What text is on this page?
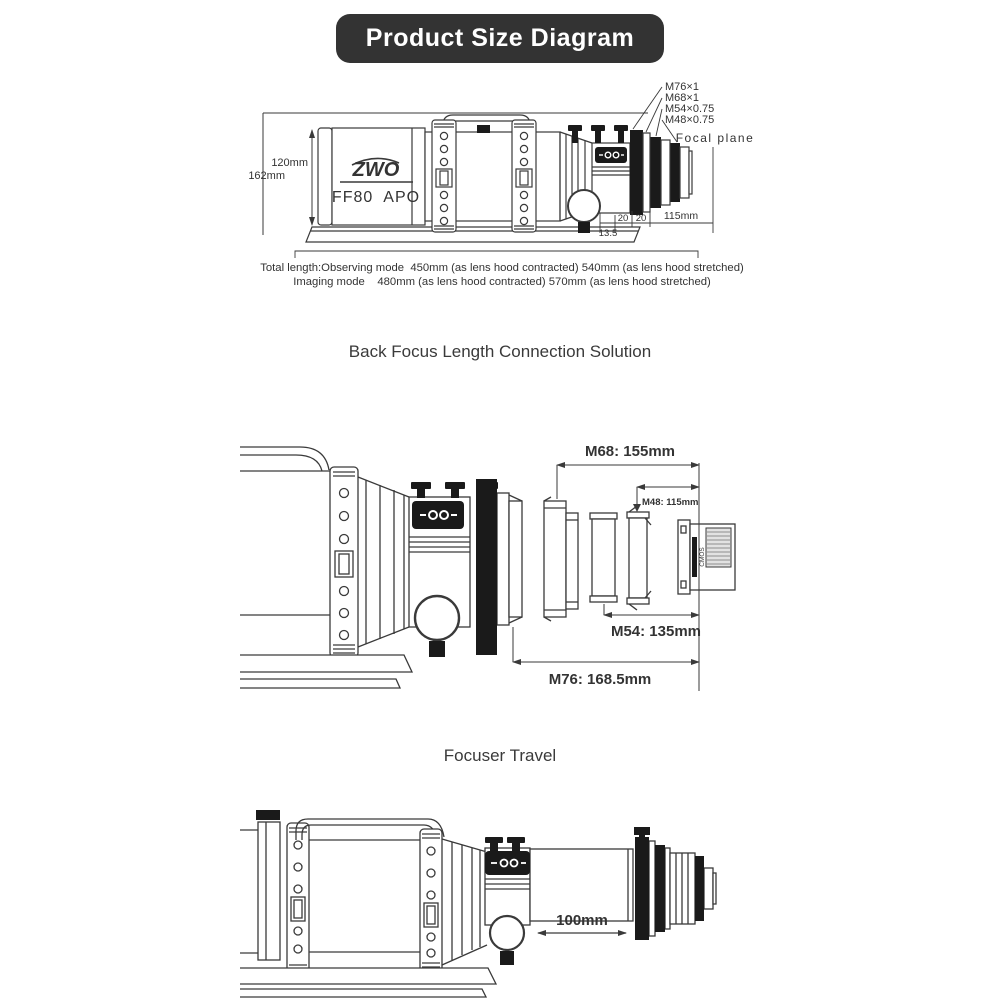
Product Size Diagram
120mm
162mm	ZWO
FF80  APO
M76×1
M68×1
M54×0.75
M48×0.75
Focal plane
13.5
20 20 115mm
Total length:Observing mode  450mm (as lens hood contracted) 540mm (as lens hood stretched)
Imaging mode    480mm (as lens hood contracted) 570mm (as lens hood stretched)
Back Focus Length Connection Solution
CMOS
M68: 155mm
M48: 115mm
M54: 135mm
M76: 168.5mm
Focuser Travel
100mm
